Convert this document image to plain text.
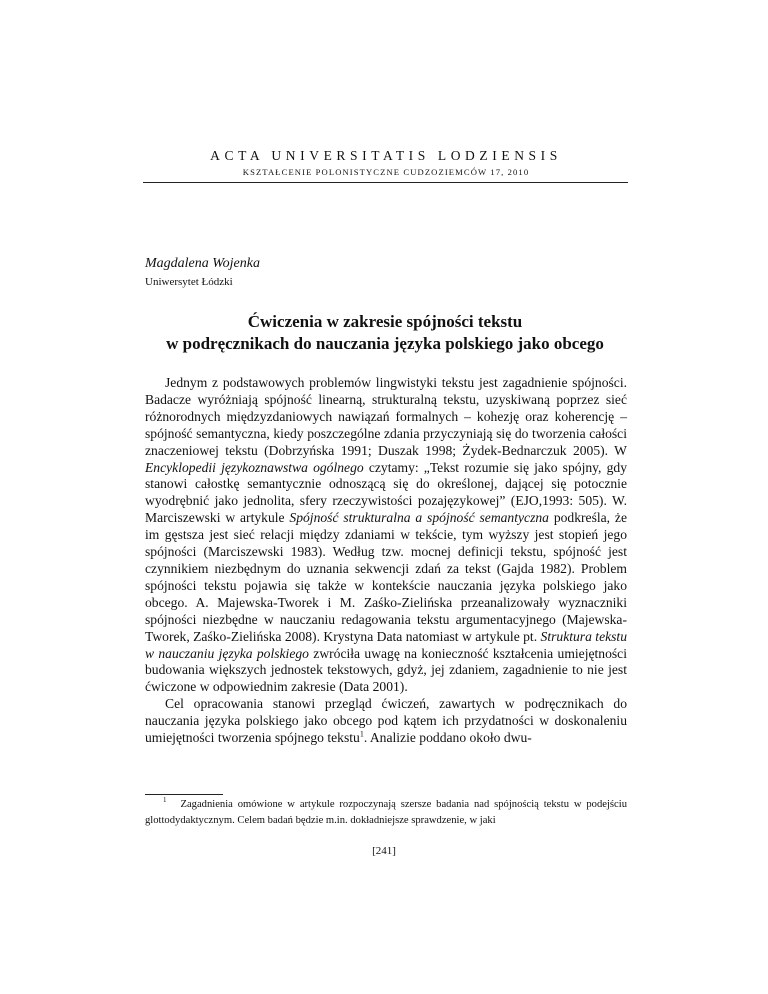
ACTA UNIVERSITATIS LODZIENSIS
KSZTAŁCENIE POLONISTYCZNE CUDZOZIEMCÓW 17, 2010
Magdalena Wojenka
Uniwersytet Łódzki
Ćwiczenia w zakresie spójności tekstu
w podręcznikach do nauczania języka polskiego jako obcego

Jednym z podstawowych problemów lingwistyki tekstu jest zagadnienie spójności. Badacze wyróżniają spójność linearną, strukturalną tekstu, uzyskiwaną poprzez sieć różnorodnych międzyzdaniowych nawiązań formalnych – kohezję oraz koherencję – spójność semantyczna, kiedy poszczególne zdania przyczyniają się do tworzenia całości znaczeniowej tekstu (Dobrzyńska 1991; Duszak 1998; Żydek-Bednarczuk 2005). W Encyklopedii językoznawstwa ogólnego czytamy: „Tekst rozumie się jako spójny, gdy stanowi całostkę semantycznie odnoszącą się do określonej, dającej się potocznie wyodrębnić jako jednolita, sfery rzeczywistości pozajęzykowej” (EJO,1993: 505). W. Marciszewski w artykule Spójność strukturalna a spójność semantyczna podkreśla, że im gęstsza jest sieć relacji między zdaniami w tekście, tym wyższy jest stopień jego spójności (Marciszewski 1983). Według tzw. mocnej definicji tekstu, spójność jest czynnikiem niezbędnym do uznania sekwencji zdań za tekst (Gajda 1982). Problem spójności tekstu pojawia się także w kontekście nauczania języka polskiego jako obcego. A. Majewska-Tworek i M. Zaśko-Zielińska przeanalizowały wyznaczniki spójności niezbędne w nauczaniu redagowania tekstu argumentacyjnego (Majewska-Tworek, Zaśko-Zielińska 2008). Krystyna Data natomiast w artykule pt. Struktura tekstu w nauczaniu języka polskiego zwróciła uwagę na konieczność kształcenia umiejętności budowania większych jednostek tekstowych, gdyż, jej zdaniem, zagadnienie to nie jest ćwiczone w odpowiednim zakresie (Data 2001).

Cel opracowania stanowi przegląd ćwiczeń, zawartych w podręcznikach do nauczania języka polskiego jako obcego pod kątem ich przydatności w doskonaleniu umiejętności tworzenia spójnego tekstu$^1$. Analizie poddano około dwu-

$^1$ Zagadnienia omówione w artykule rozpoczynają szersze badania nad spójnością tekstu w podejściu glottodydaktycznym. Celem badań będzie m.in. dokładniejsze sprawdzenie, w jaki
[241]
